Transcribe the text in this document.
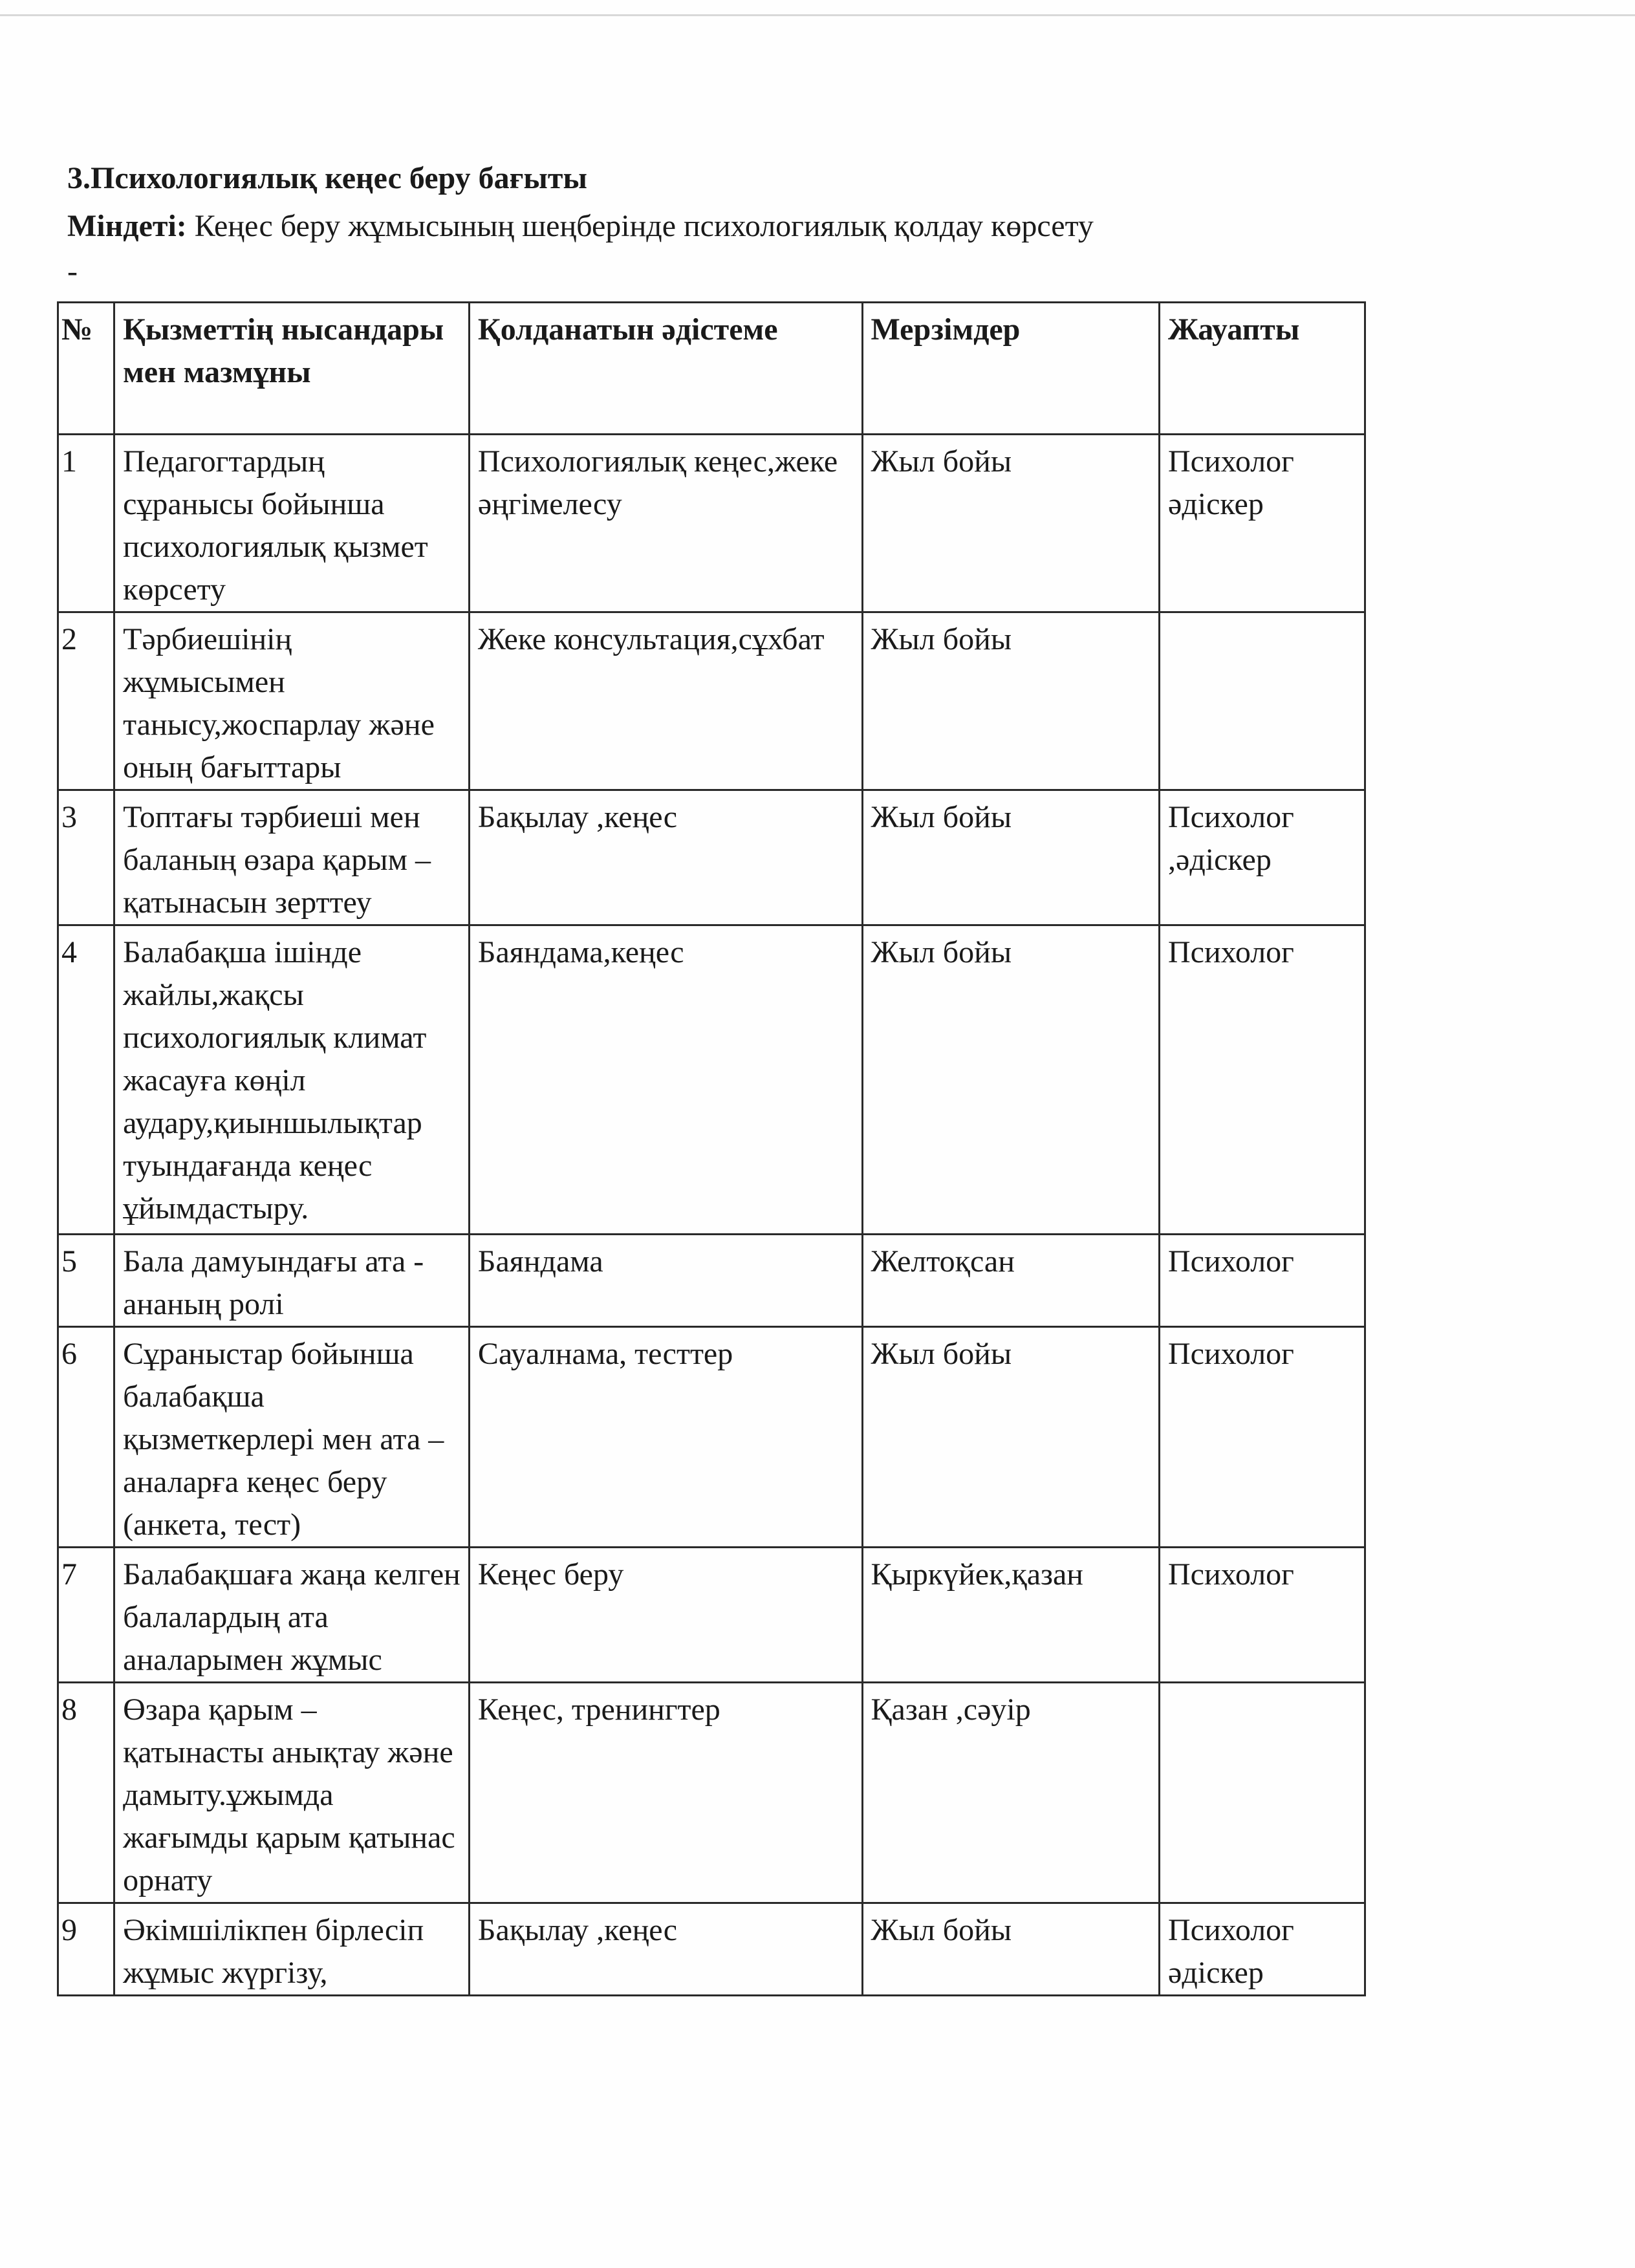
3.Психологиялық кеңес беру бағыты
Міндеті: Кеңес беру жұмысының шеңберінде психологиялық қолдау көрсету
-
№	Қызметтің нысандары мен мазмұны	Қолданатын әдістеме	Мерзімдер	Жауапты
1	Педагогтардың сұранысы бойынша психологиялық қызмет көрсету	Психологиялық кеңес,жеке әңгімелесу	Жыл бойы	Психолог әдіскер
2	Тәрбиешінің жұмысымен танысу,жоспарлау және оның бағыттары	Жеке консультация,сұхбат	Жыл бойы	
3	Топтағы тәрбиеші мен баланың өзара қарым –қатынасын зерттеу	Бақылау ,кеңес	Жыл бойы	Психолог ,әдіскер
4	Балабақша ішінде жайлы,жақсы психологиялық климат жасауға көңіл аудару,қиыншылықтар туындағанда кеңес ұйымдастыру.	Баяндама,кеңес	Жыл бойы	Психолог
5	Бала дамуындағы ата - ананың ролі	Баяндама	Желтоқсан	Психолог
6	Сұраныстар бойынша балабақша қызметкерлері мен ата –аналарға кеңес беру (анкета, тест)	Сауалнама, тесттер	Жыл бойы	Психолог
7	Балабақшаға жаңа келген балалардың ата аналарымен жұмыс	Кеңес беру	Қыркүйек,қазан	Психолог
8	Өзара қарым – қатынасты анықтау және дамыту.ұжымда жағымды қарым қатынас орнату	Кеңес, тренингтер	Қазан ,сәуір	
9	Әкімшілікпен бірлесіп жұмыс жүргізу,	Бақылау ,кеңес	Жыл бойы	Психолог әдіскер
